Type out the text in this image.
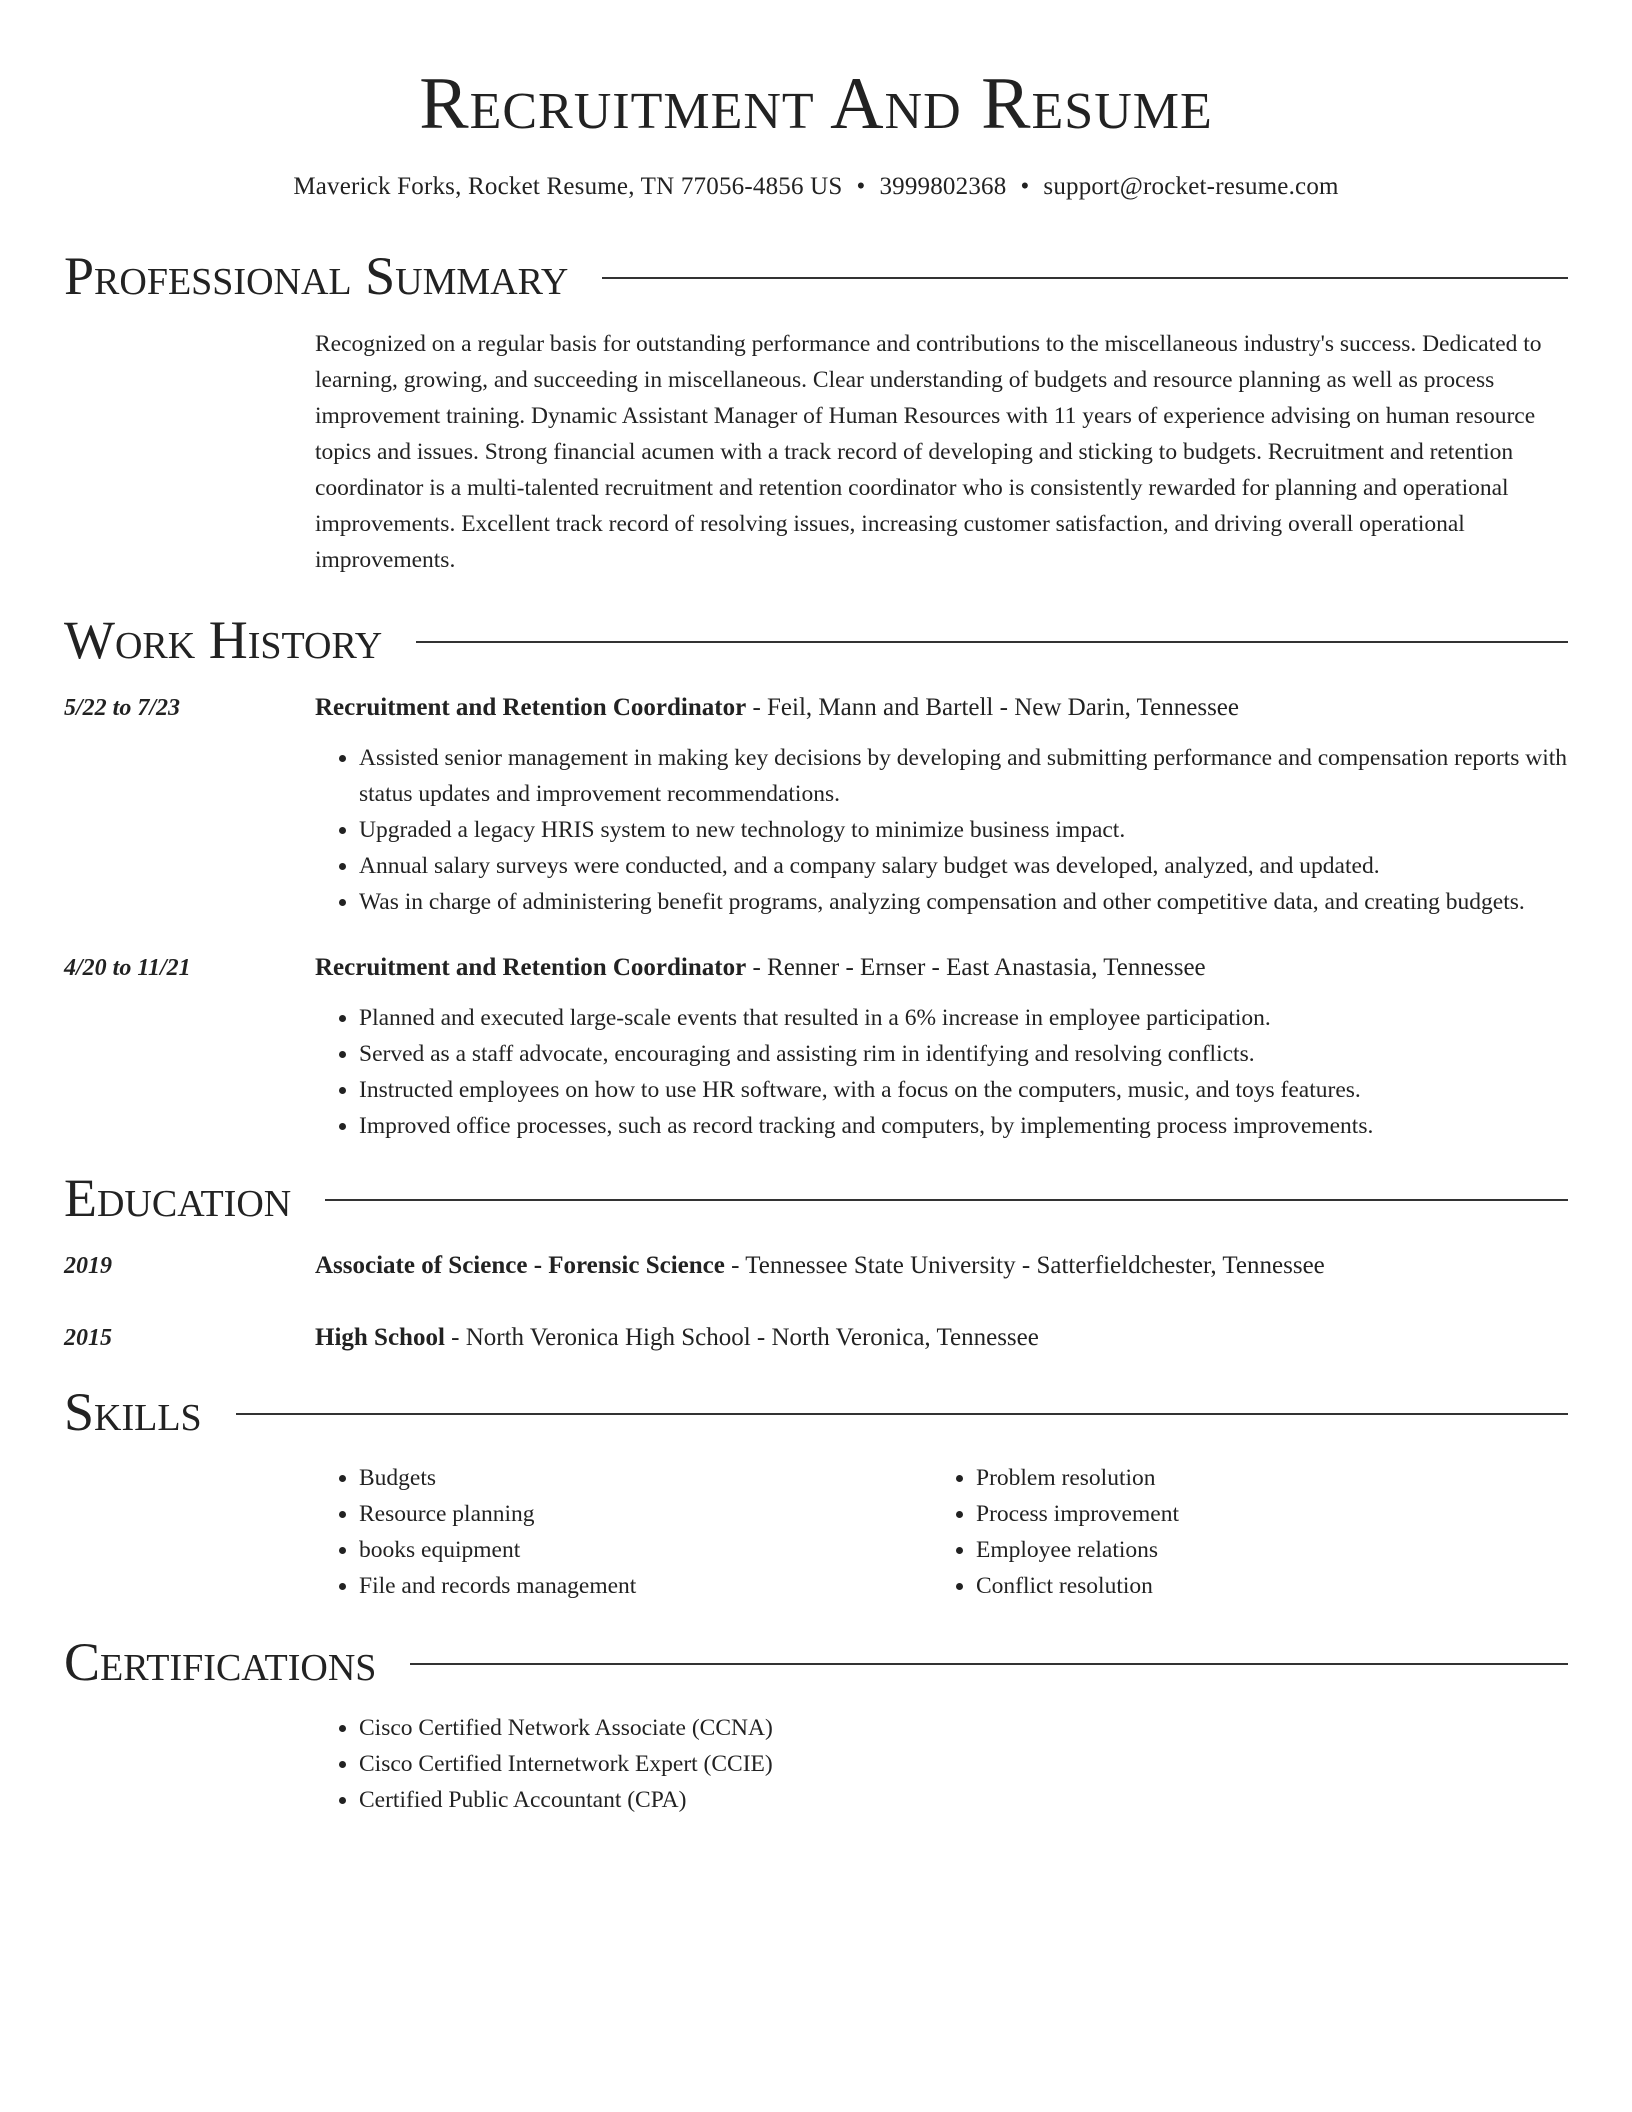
Recruitment And Resume
Maverick Forks, Rocket Resume, TN 77056-4856 US • 3999802368 • support@rocket-resume.com
Professional Summary
Recognized on a regular basis for outstanding performance and contributions to the miscellaneous industry's success. Dedicated to learning, growing, and succeeding in miscellaneous. Clear understanding of budgets and resource planning as well as process improvement training. Dynamic Assistant Manager of Human Resources with 11 years of experience advising on human resource topics and issues. Strong financial acumen with a track record of developing and sticking to budgets. Recruitment and retention coordinator is a multi-talented recruitment and retention coordinator who is consistently rewarded for planning and operational improvements. Excellent track record of resolving issues, increasing customer satisfaction, and driving overall operational improvements.
Work History
5/22 to 7/23	Recruitment and Retention Coordinator - Feil, Mann and Bartell - New Darin, Tennessee
• Assisted senior management in making key decisions by developing and submitting performance and compensation reports with status updates and improvement recommendations.
• Upgraded a legacy HRIS system to new technology to minimize business impact.
• Annual salary surveys were conducted, and a company salary budget was developed, analyzed, and updated.
• Was in charge of administering benefit programs, analyzing compensation and other competitive data, and creating budgets.
4/20 to 11/21	Recruitment and Retention Coordinator - Renner - Ernser - East Anastasia, Tennessee
• Planned and executed large-scale events that resulted in a 6% increase in employee participation.
• Served as a staff advocate, encouraging and assisting rim in identifying and resolving conflicts.
• Instructed employees on how to use HR software, with a focus on the computers, music, and toys features.
• Improved office processes, such as record tracking and computers, by implementing process improvements.
Education
2019	Associate of Science - Forensic Science - Tennessee State University - Satterfieldchester, Tennessee
2015	High School - North Veronica High School - North Veronica, Tennessee
Skills
• Budgets
• Resource planning
• books equipment
• File and records management
• Problem resolution
• Process improvement
• Employee relations
• Conflict resolution
Certifications
• Cisco Certified Network Associate (CCNA)
• Cisco Certified Internetwork Expert (CCIE)
• Certified Public Accountant (CPA)
